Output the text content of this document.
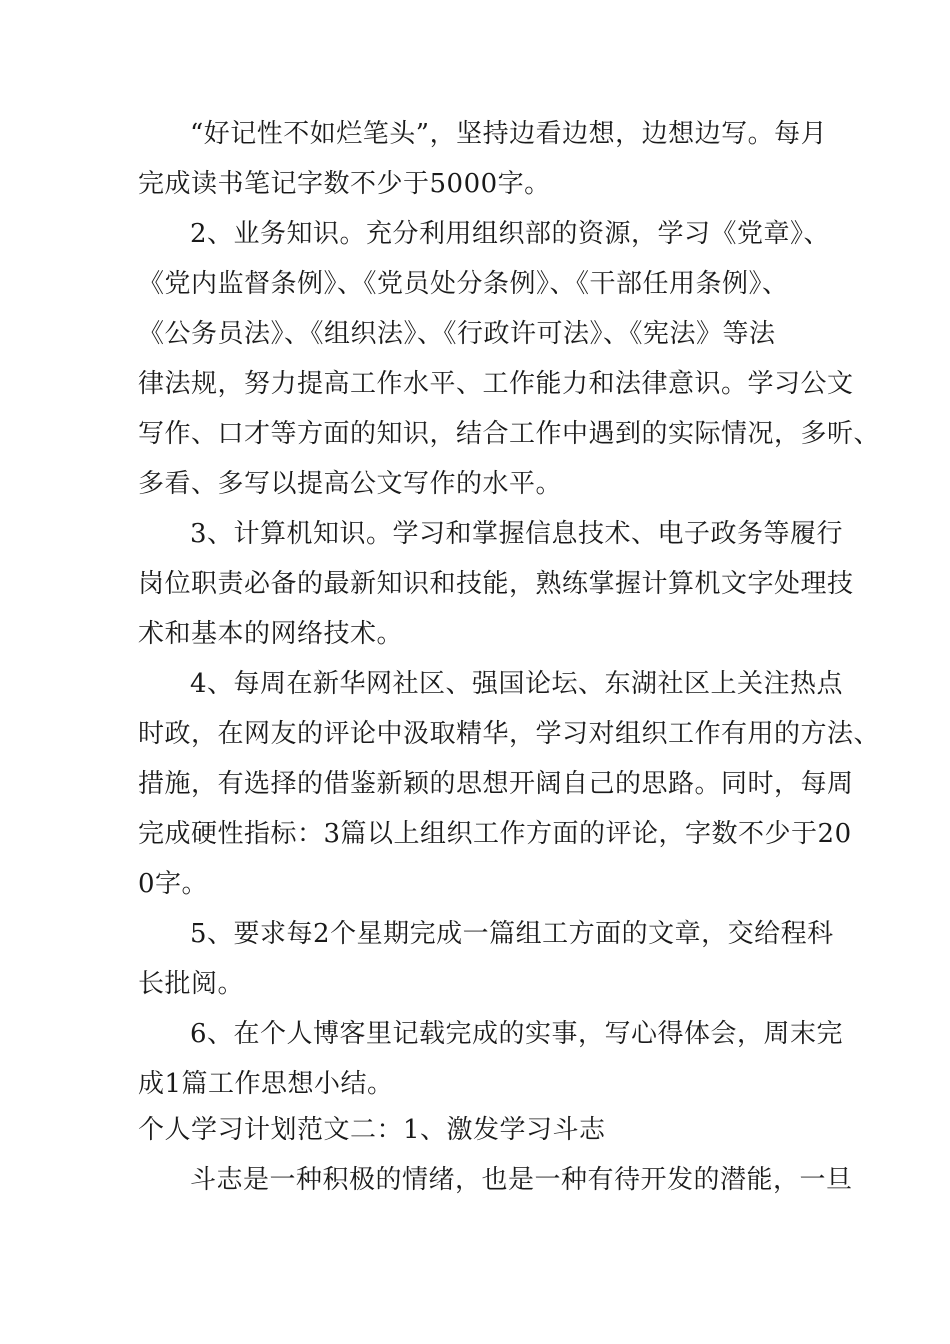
“好记性不如烂笔头”，坚持边看边想，边想边写。每月

完成读书笔记字数不少于5000字。

2、业务知识。充分利用组织部的资源，学习《党章》、

《党内监督条例》、《党员处分条例》、《干部任用条例》、

《公务员法》、《组织法》、《行政许可法》、《宪法》等法

律法规，努力提高工作水平、工作能力和法律意识。学习公文

写作、口才等方面的知识，结合工作中遇到的实际情况，多听、

多看、多写以提高公文写作的水平。

3、计算机知识。学习和掌握信息技术、电子政务等履行

岗位职责必备的最新知识和技能，熟练掌握计算机文字处理技

术和基本的网络技术。

4、每周在新华网社区、强国论坛、东湖社区上关注热点

时政，在网友的评论中汲取精华，学习对组织工作有用的方法、

措施，有选择的借鉴新颖的思想开阔自己的思路。同时，每周

完成硬性指标：3篇以上组织工作方面的评论，字数不少于20

0字。

5、要求每2个星期完成一篇组工方面的文章，交给程科

长批阅。

6、在个人博客里记载完成的实事，写心得体会，周末完

成1篇工作思想小结。

个人学习计划范文二：1、激发学习斗志

斗志是一种积极的情绪，也是一种有待开发的潜能，一旦
